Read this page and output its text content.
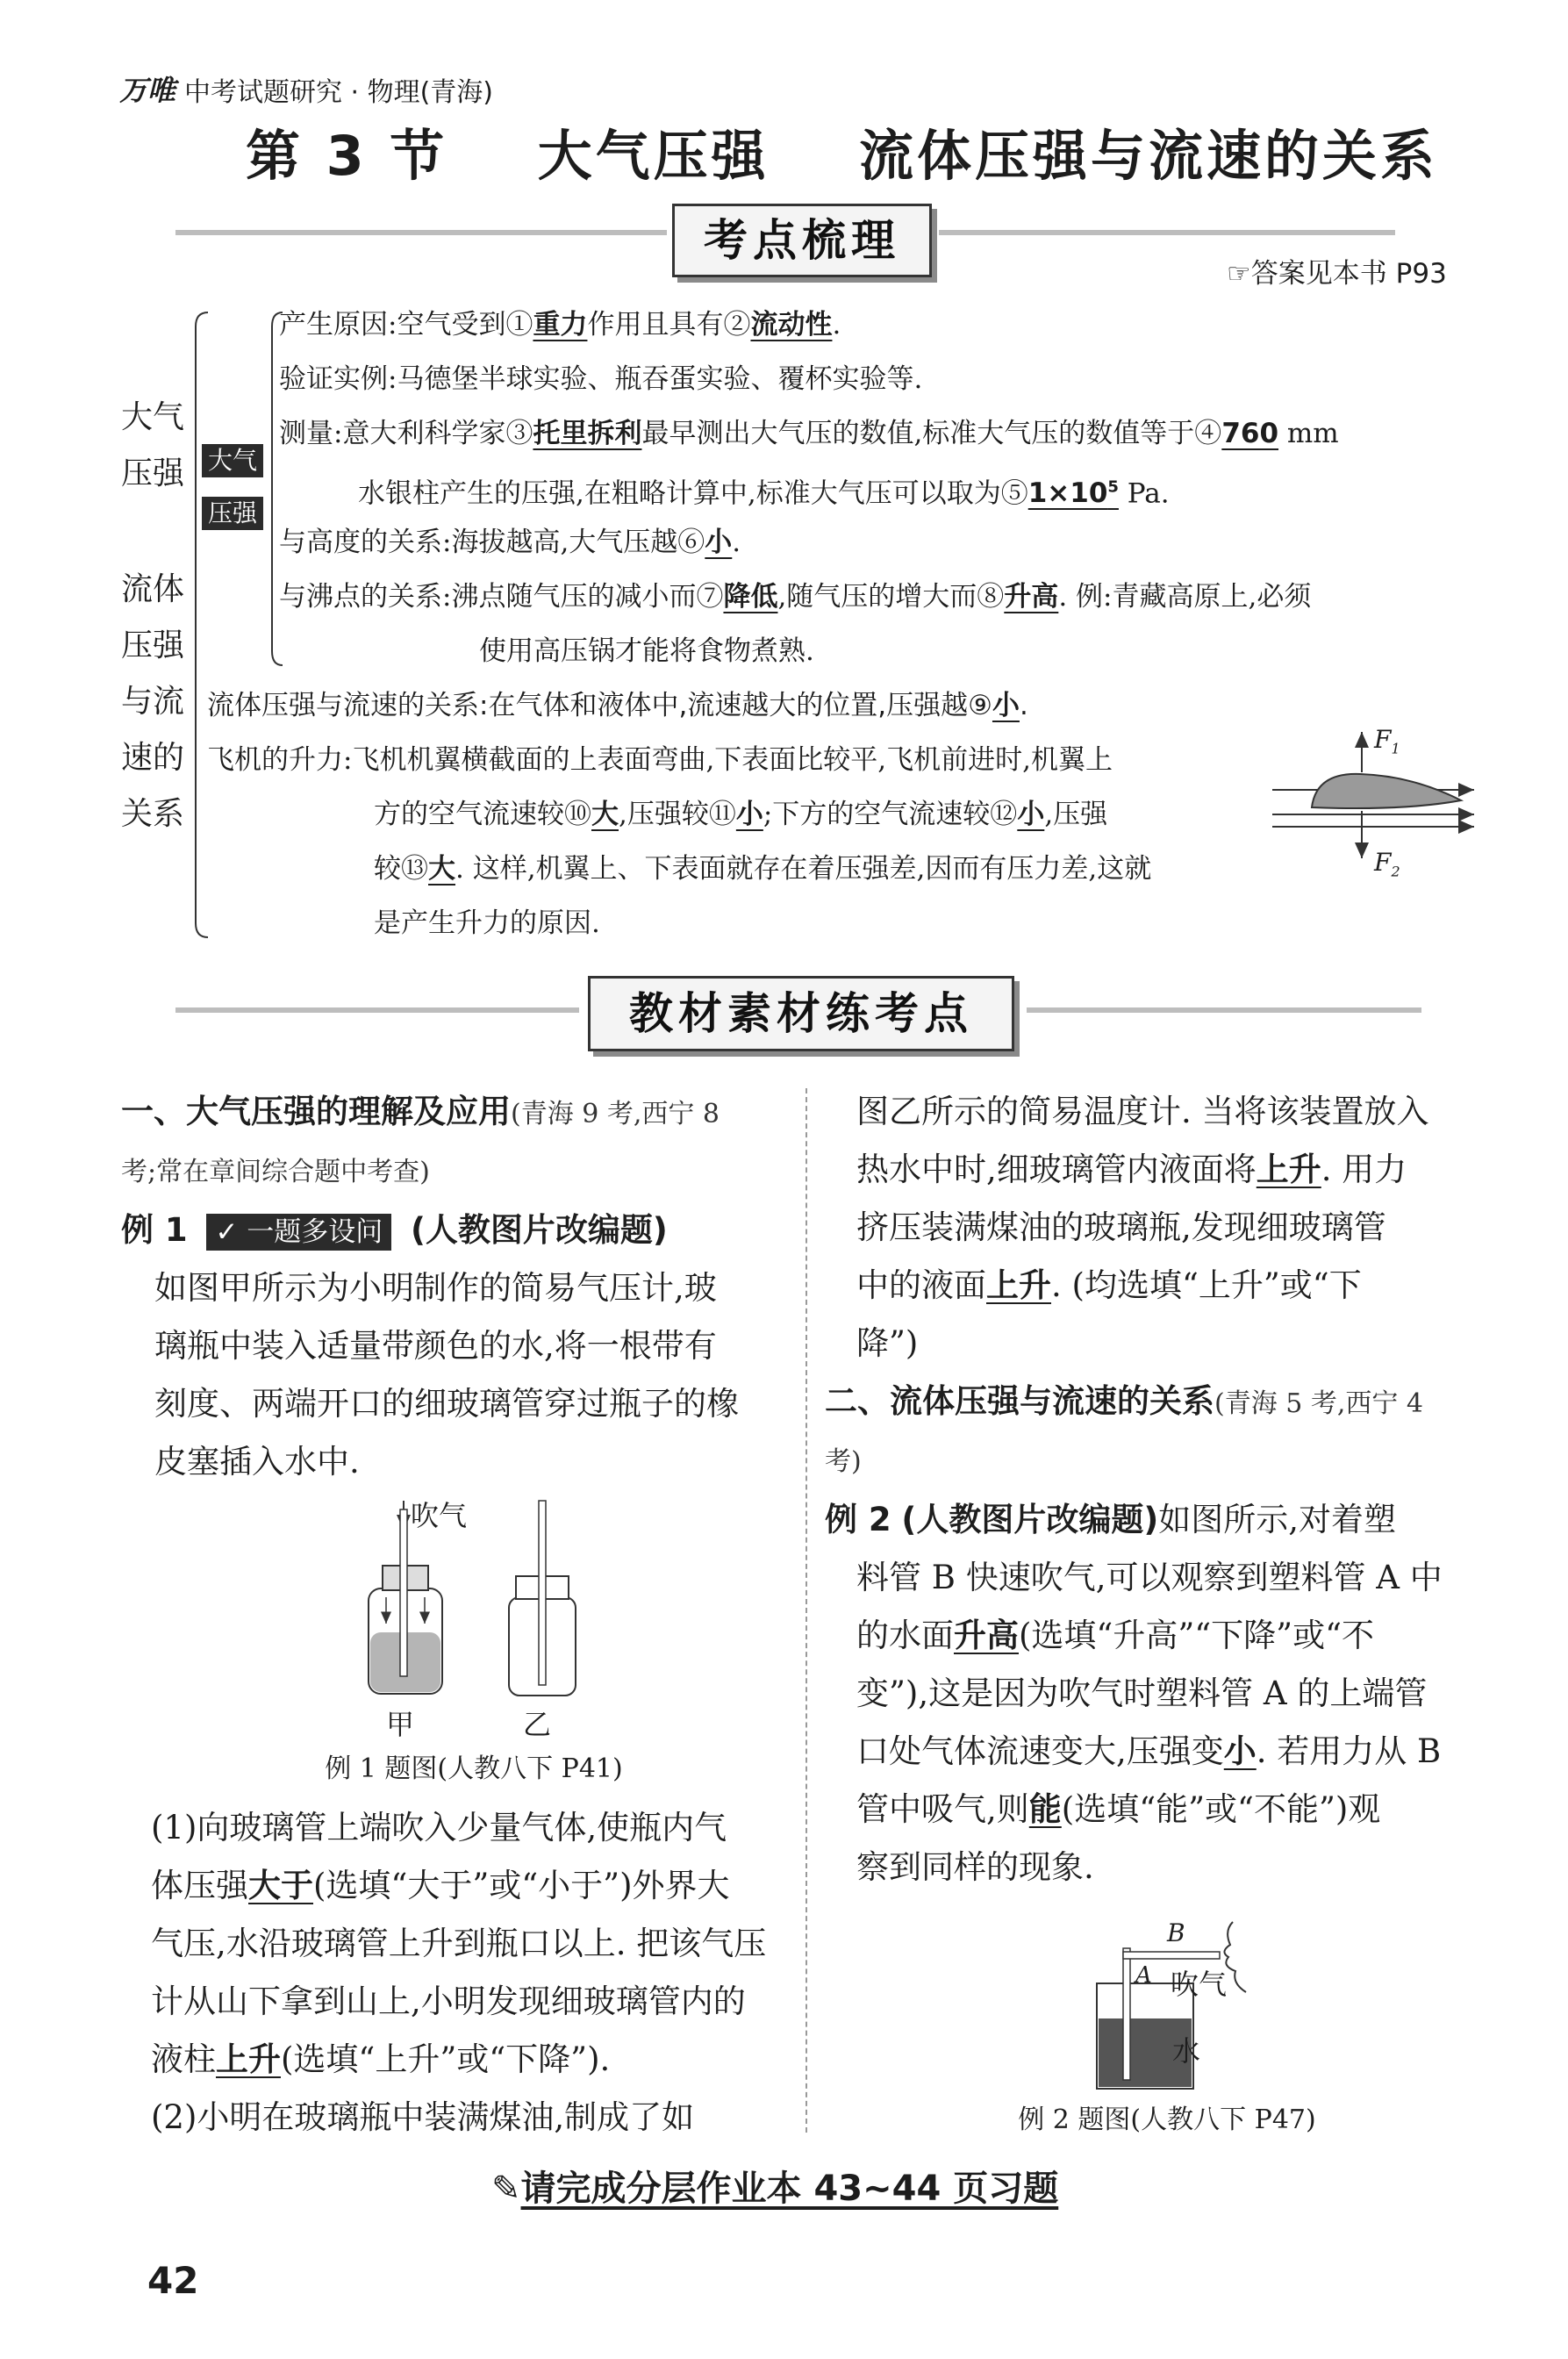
万唯 中考试题研究 · 物理(青海)
第 3 节    大气压强    流体压强与流速的关系
考点梳理
☞答案见本书 P93
大气
压强
流体
压强
与流
速的
关系
大气
压强
产生原因:空气受到①重力作用且具有②流动性.
验证实例:马德堡半球实验、瓶吞蛋实验、覆杯实验等.
测量:意大利科学家③托里拆利最早测出大气压的数值,标准大气压的数值等于④760 mm
水银柱产生的压强,在粗略计算中,标准大气压可以取为$⑤1\times 10^5$ Pa.
与高度的关系:海拔越高,大气压越⑥小.
与沸点的关系:沸点随气压的减小而⑦降低,随气压的增大而⑧升高. 例:青藏高原上,必须
使用高压锅才能将食物煮熟.
流体压强与流速的关系:在气体和液体中,流速越大的位置,压强越⑨小.
飞机的升力:飞机机翼横截面的上表面弯曲,下表面比较平,飞机前进时,机翼上
方的空气流速较⑩大,压强较⑪小;下方的空气流速较⑫小,压强
较⑬大. 这样,机翼上、下表面就存在着压强差,因而有压力差,这就
是产生升力的原因.
$F_1$
$F_2$
教材素材练考点

一、大气压强的理解及应用(青海 9 考,西宁 8

考;常在章间综合题中考查)

例 1 ✓ 一题多设问 (人教图片改编题)

如图甲所示为小明制作的简易气压计,玻

璃瓶中装入适量带颜色的水,将一根带有

刻度、两端开口的细玻璃管穿过瓶子的橡

皮塞插入水中.

吹气
甲	乙
例 1 题图(人教八下 P41)

(1)向玻璃管上端吹入少量气体,使瓶内气

体压强大于(选填“大于”或“小于”)外界大

气压,水沿玻璃管上升到瓶口以上. 把该气压

计从山下拿到山上,小明发现细玻璃管内的

液柱上升(选填“上升”或“下降”).

(2)小明在玻璃瓶中装满煤油,制成了如

图乙所示的简易温度计. 当将该装置放入

热水中时,细玻璃管内液面将上升. 用力

挤压装满煤油的玻璃瓶,发现细玻璃管

中的液面上升. (均选填“上升”或“下

降”)

二、流体压强与流速的关系(青海 5 考,西宁 4

考)

例 2 (人教图片改编题)如图所示,对着塑

料管 B 快速吹气,可以观察到塑料管 A 中

的水面升高(选填“升高”“下降”或“不

变”),这是因为吹气时塑料管 A 的上端管

口处气体流速变大,压强变小. 若用力从 B

管中吸气,则能(选填“能”或“不能”)观

察到同样的现象.

B
A 吹气
水
例 2 题图(人教八下 P47)
✎请完成分层作业本 43~44 页习题
42
